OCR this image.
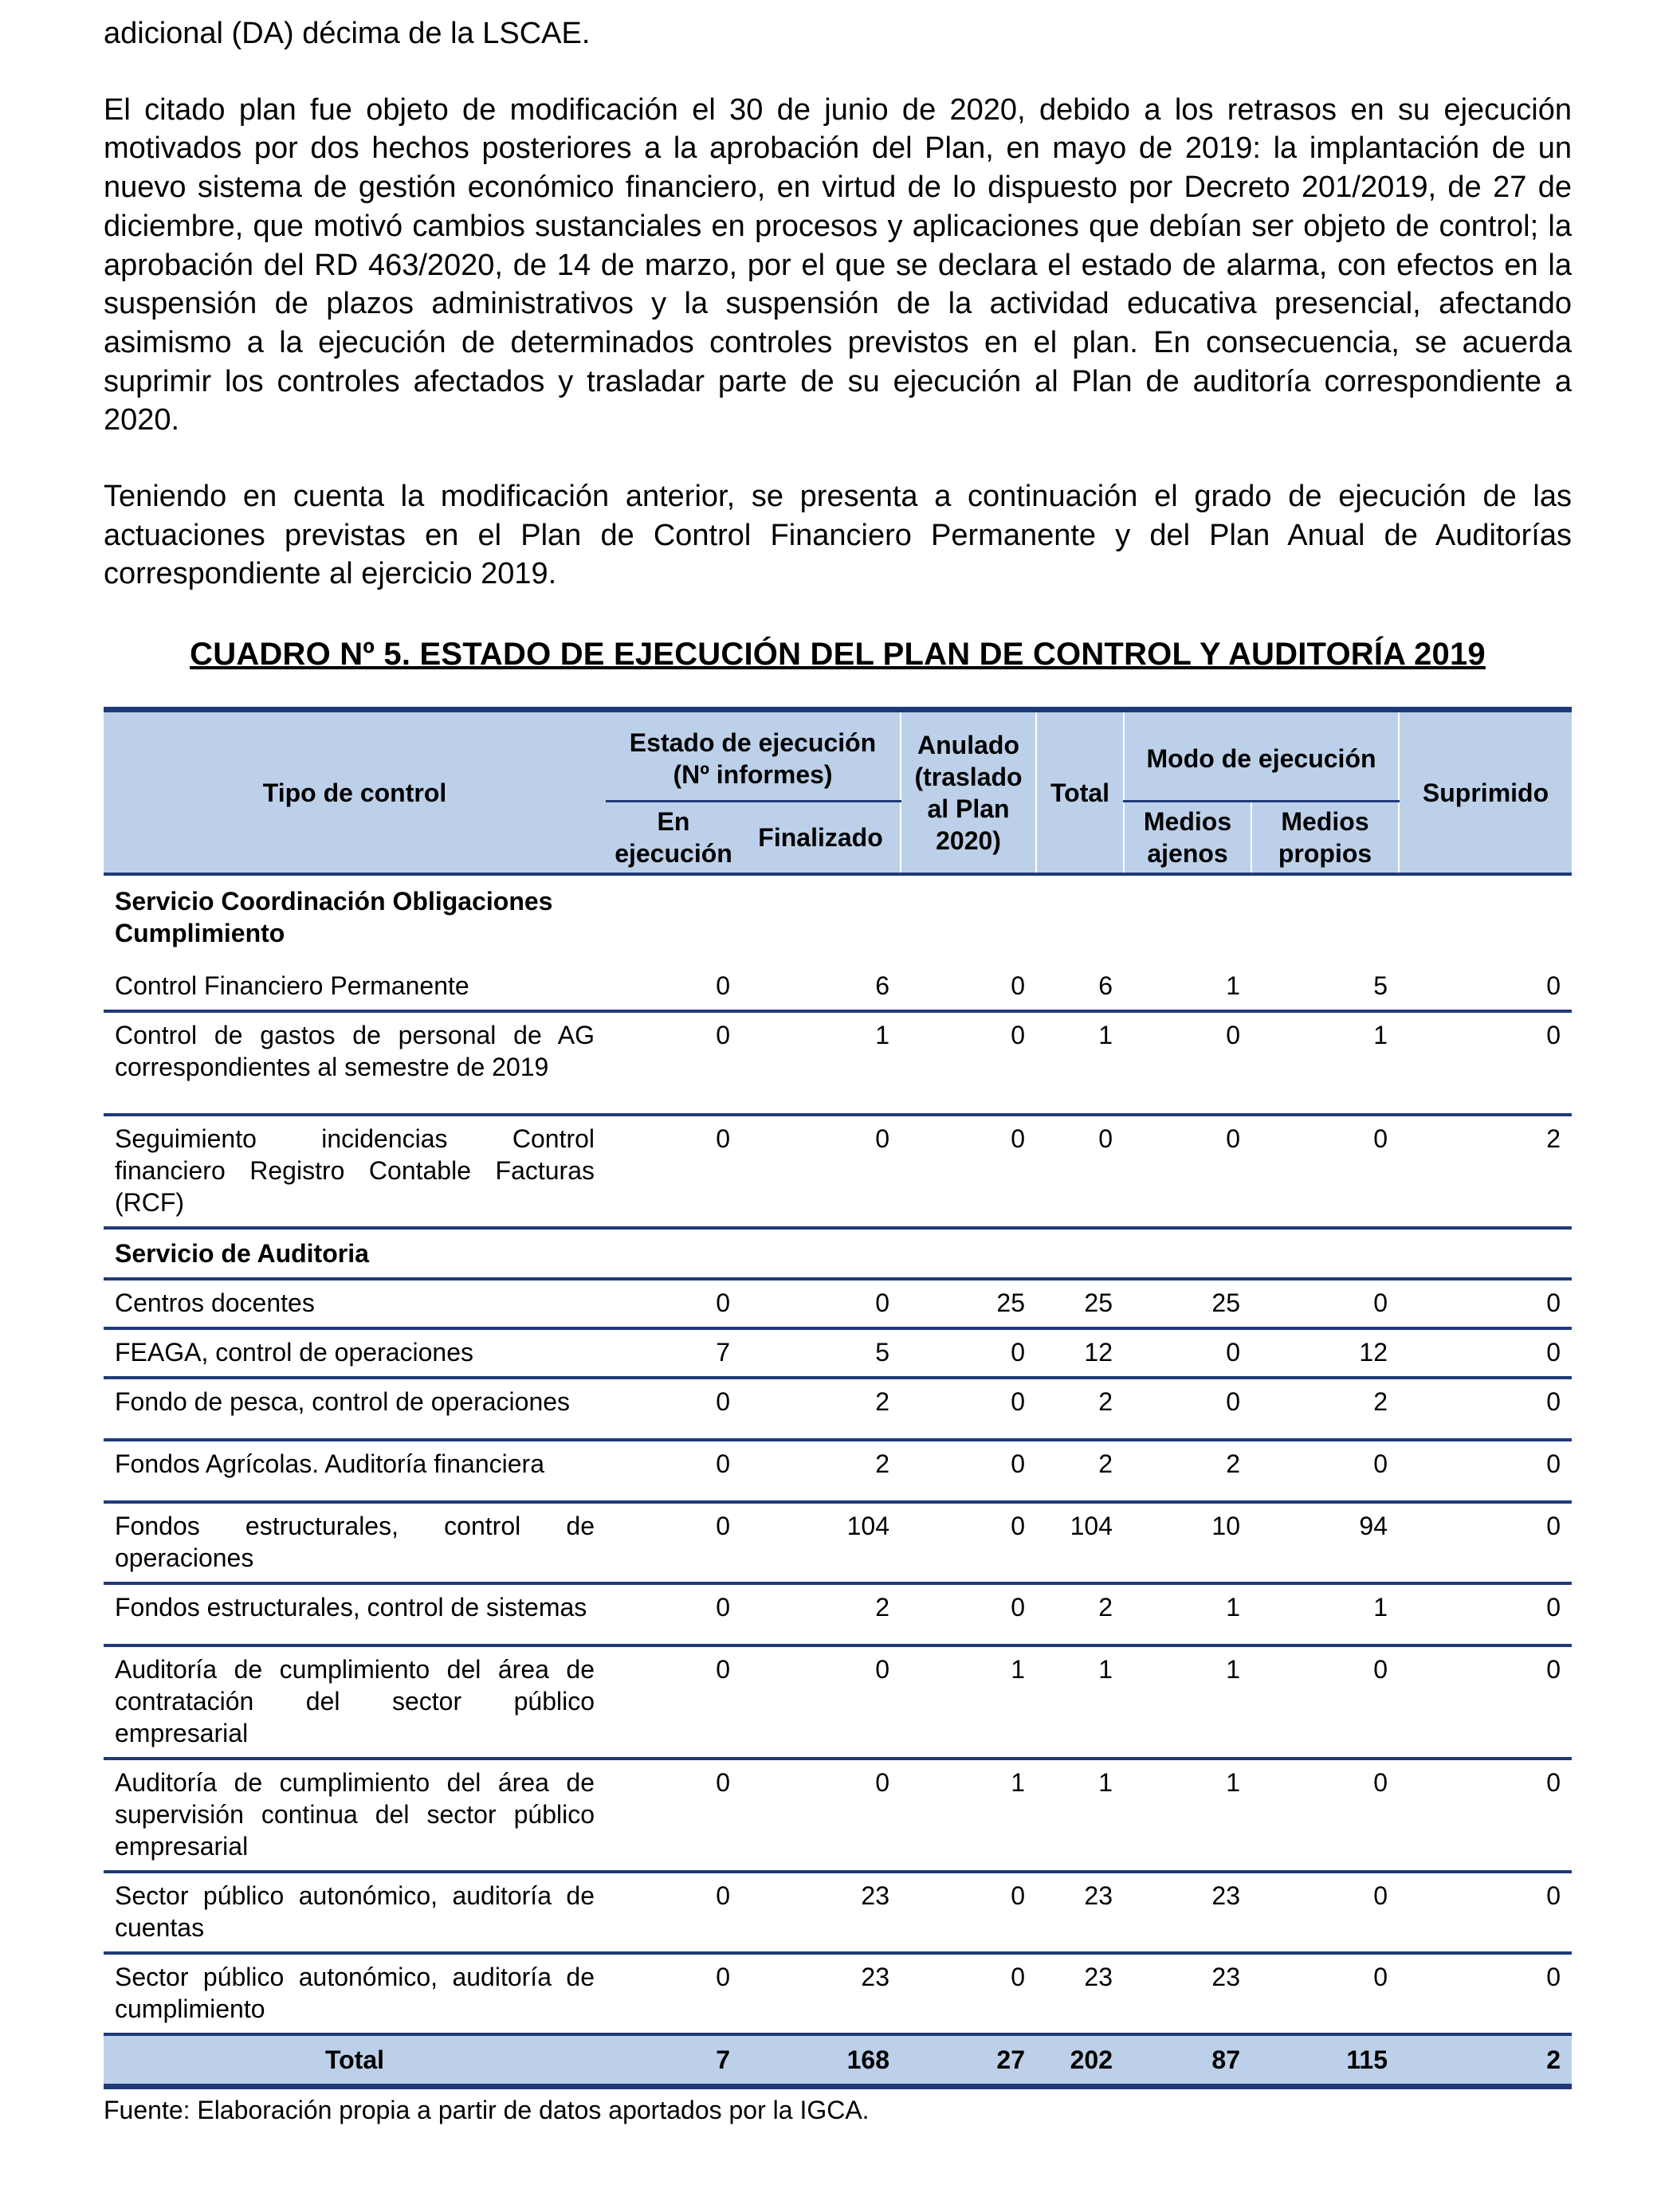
adicional (DA) décima de la LSCAE.

El citado plan fue objeto de modificación el 30 de junio de 2020, debido a los retrasos en su ejecución motivados por dos hechos posteriores a la aprobación del Plan, en mayo de 2019: la implantación de un nuevo sistema de gestión económico financiero, en virtud de lo dispuesto por Decreto 201/2019, de 27 de diciembre, que motivó cambios sustanciales en procesos y aplicaciones que debían ser objeto de control; la aprobación del RD 463/2020, de 14 de marzo, por el que se declara el estado de alarma, con efectos en la suspensión de plazos administrativos y la suspensión de la actividad educativa presencial, afectando asimismo a la ejecución de determinados controles previstos en el plan. En consecuencia, se acuerda suprimir los controles afectados y trasladar parte de su ejecución al Plan de auditoría correspondiente a 2020.

Teniendo en cuenta la modificación anterior, se presenta a continuación el grado de ejecución de las actuaciones previstas en el Plan de Control Financiero Permanente y del Plan Anual de Auditorías correspondiente al ejercicio 2019.

CUADRO Nº 5. ESTADO DE EJECUCIÓN DEL PLAN DE CONTROL Y AUDITORÍA 2019
Tipo de control	Estado de ejecución (Nº informes)		Anulado (traslado al Plan 2020)	Total	Modo de ejecución		Suprimido
	En ejecución	Finalizado			Medios ajenos	Medios propios	
Servicio Coordinación Obligaciones Cumplimiento							
Control Financiero Permanente	0	6	0	6	1	5	0
Control de gastos de personal de AG correspondientes al semestre de 2019	0	1	0	1	0	1	0
Seguimiento incidencias Control financiero Registro Contable Facturas (RCF)	0	0	0	0	0	0	2
Servicio de Auditoria							
Centros docentes	0	0	25	25	25	0	0
FEAGA, control de operaciones	7	5	0	12	0	12	0
Fondo de pesca, control de operaciones	0	2	0	2	0	2	0
Fondos Agrícolas. Auditoría financiera	0	2	0	2	2	0	0
Fondos estructurales, control de operaciones	0	104	0	104	10	94	0
Fondos estructurales, control de sistemas	0	2	0	2	1	1	0
Auditoría de cumplimiento del área de contratación del sector público empresarial	0	0	1	1	1	0	0
Auditoría de cumplimiento del área de supervisión continua del sector público empresarial	0	0	1	1	1	0	0
Sector público autonómico, auditoría de cuentas	0	23	0	23	23	0	0
Sector público autonómico, auditoría de cumplimiento	0	23	0	23	23	0	0
Total	7	168	27	202	87	115	2

Fuente: Elaboración propia a partir de datos aportados por la IGCA.
